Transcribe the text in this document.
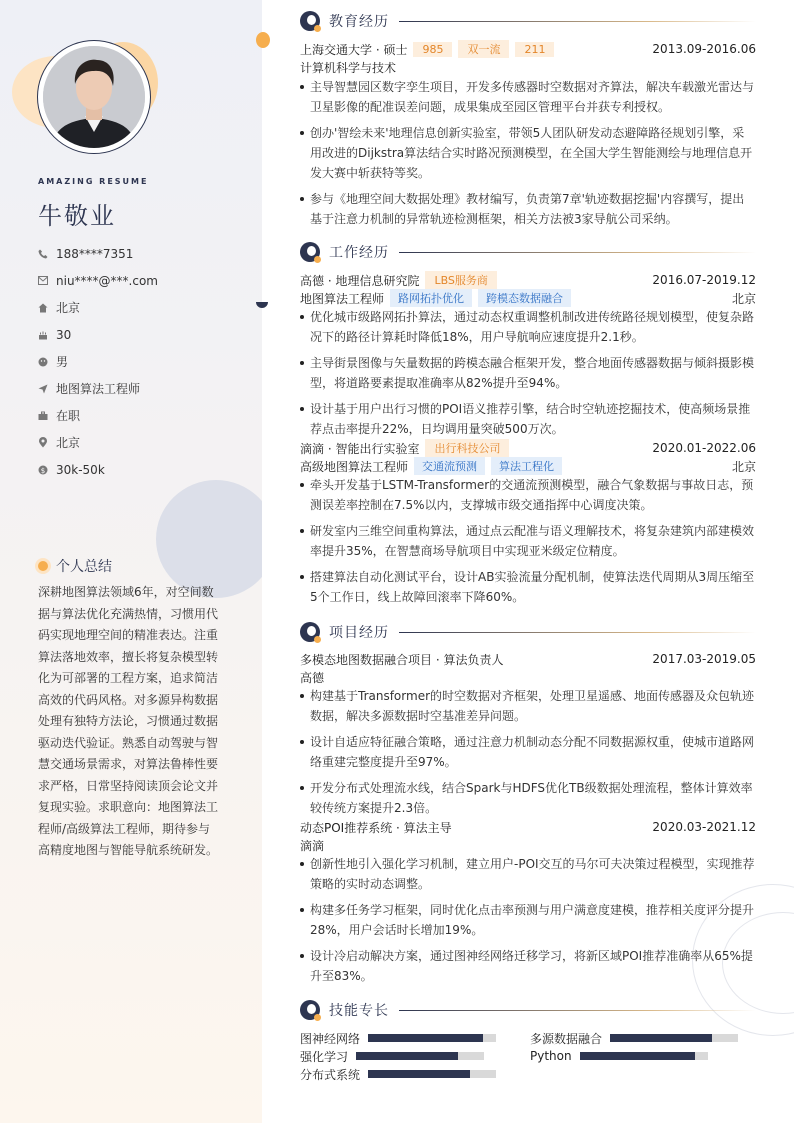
AMAZING RESUME
牛敬业
188****7351
niu****@***.com
北京
30
男
地图算法工程师
在职
北京
$ 30k-50k
个人总结
深耕地图算法领域6年，对空间数据与算法优化充满热情，习惯用代码实现地理空间的精准表达。注重算法落地效率，擅长将复杂模型转化为可部署的工程方案，追求简洁高效的代码风格。对多源异构数据处理有独特方法论，习惯通过数据驱动迭代验证。熟悉自动驾驶与智慧交通场景需求，对算法鲁棒性要求严格，日常坚持阅读顶会论文并复现实验。求职意向：地图算法工程师/高级算法工程师，期待参与高精度地图与智能导航系统研发。
教育经历
上海交通大学 · 硕士	985	双一流	211	2013.09-2016.06
计算机科学与技术
主导智慧园区数字孪生项目，开发多传感器时空数据对齐算法，解决车载激光雷达与卫星影像的配准误差问题，成果集成至园区管理平台并获专利授权。
创办'智绘未来'地理信息创新实验室，带领5人团队研发动态避障路径规划引擎，采用改进的Dijkstra算法结合实时路况预测模型，在全国大学生智能测绘与地理信息开发大赛中斩获特等奖。
参与《地理空间大数据处理》教材编写，负责第7章'轨迹数据挖掘'内容撰写，提出基于注意力机制的异常轨迹检测框架，相关方法被3家导航公司采纳。
工作经历
高德 · 地理信息研究院	LBS服务商	2016.07-2019.12
地图算法工程师	路网拓扑优化	跨模态数据融合	北京
优化城市级路网拓扑算法，通过动态权重调整机制改进传统路径规划模型，使复杂路况下的路径计算耗时降低18%，用户导航响应速度提升2.1秒。
主导街景图像与矢量数据的跨模态融合框架开发，整合地面传感器数据与倾斜摄影模型，将道路要素提取准确率从82%提升至94%。
设计基于用户出行习惯的POI语义推荐引擎，结合时空轨迹挖掘技术，使高频场景推荐点击率提升22%，日均调用量突破500万次。
滴滴 · 智能出行实验室	出行科技公司	2020.01-2022.06
高级地图算法工程师	交通流预测	算法工程化	北京
牵头开发基于LSTM-Transformer的交通流预测模型，融合气象数据与事故日志，预测误差率控制在7.5%以内，支撑城市级交通指挥中心调度决策。
研发室内三维空间重构算法，通过点云配准与语义理解技术，将复杂建筑内部建模效率提升35%，在智慧商场导航项目中实现亚米级定位精度。
搭建算法自动化测试平台，设计AB实验流量分配机制，使算法迭代周期从3周压缩至5个工作日，线上故障回滚率下降60%。
项目经历
多模态地图数据融合项目 · 算法负责人	2017.03-2019.05
高德
构建基于Transformer的时空数据对齐框架，处理卫星遥感、地面传感器及众包轨迹数据，解决多源数据时空基准差异问题。
设计自适应特征融合策略，通过注意力机制动态分配不同数据源权重，使城市道路网络重建完整度提升至97%。
开发分布式处理流水线，结合Spark与HDFS优化TB级数据处理流程，整体计算效率较传统方案提升2.3倍。
动态POI推荐系统 · 算法主导	2020.03-2021.12
滴滴
创新性地引入强化学习机制，建立用户-POI交互的马尔可夫决策过程模型，实现推荐策略的实时动态调整。
构建多任务学习框架，同时优化点击率预测与用户满意度建模，推荐相关度评分提升28%，用户会话时长增加19%。
设计冷启动解决方案，通过图神经网络迁移学习，将新区域POI推荐准确率从65%提升至83%。
技能专长
图神经网络	多源数据融合
强化学习	Python
分布式系统
